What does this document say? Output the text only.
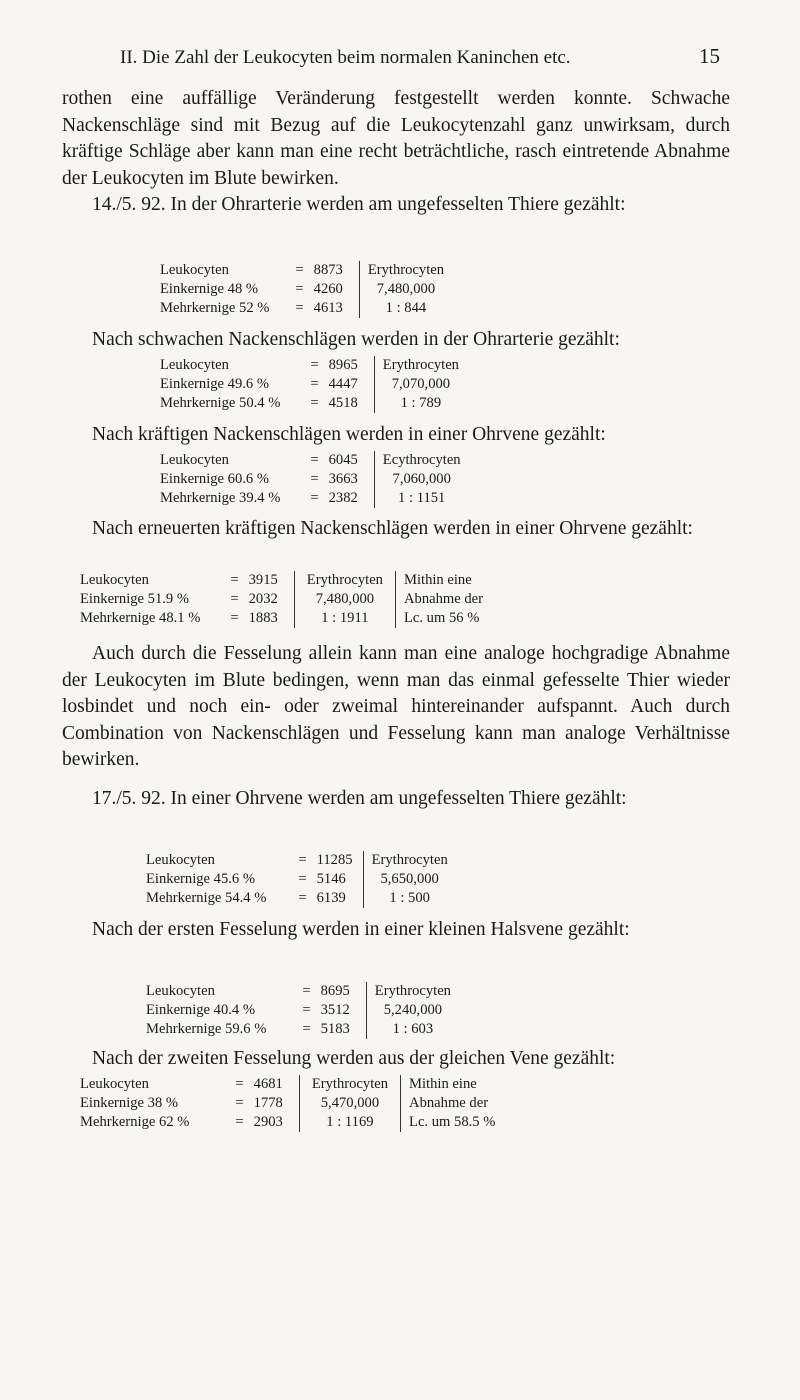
II. Die Zahl der Leukocyten beim normalen Kaninchen etc.	15
rothen eine auffällige Veränderung festgestellt werden konnte. Schwache Nackenschläge sind mit Bezug auf die Leukocytenzahl ganz unwirksam, durch kräftige Schläge aber kann man eine recht beträchtliche, rasch eintretende Abnahme der Leukocyten im Blute bewirken.
14./5. 92. In der Ohrarterie werden am ungefesselten Thiere gezählt:
Leukocyten
Einkernige 48 %
Mehrkernige 52 %
=
=
=
8873
4260
4613
Erythrocyten
7,480,000
1 : 844
Nach schwachen Nackenschlägen werden in der Ohrarterie gezählt:
Leukocyten
Einkernige 49.6 %
Mehrkernige 50.4 %
=
=
=
8965
4447
4518
Erythrocyten
7,070,000
1 : 789
Nach kräftigen Nackenschlägen werden in einer Ohrvene gezählt:
Leukocyten
Einkernige 60.6 %
Mehrkernige 39.4 %
=
=
=
6045
3663
2382
Ecythrocyten
7,060,000
1 : 1151
Nach erneuerten kräftigen Nackenschlägen werden in einer Ohrvene gezählt:
Leukocyten
Einkernige 51.9 %
Mehrkernige 48.1 %
=
=
=
3915
2032
1883
Erythrocyten
7,480,000
1 : 1911
Mithin eine
Abnahme der
Lc. um 56 %
Auch durch die Fesselung allein kann man eine analoge hochgradige Abnahme der Leukocyten im Blute bedingen, wenn man das einmal gefesselte Thier wieder losbindet und noch ein- oder zweimal hintereinander aufspannt. Auch durch Combination von Nackenschlägen und Fesselung kann man analoge Verhältnisse bewirken.
17./5. 92. In einer Ohrvene werden am ungefesselten Thiere gezählt:
Leukocyten
Einkernige 45.6 %
Mehrkernige 54.4 %
=
=
=
11285
5146
6139
Erythrocyten
5,650,000
1 : 500
Nach der ersten Fesselung werden in einer kleinen Halsvene gezählt:
Leukocyten
Einkernige 40.4 %
Mehrkernige 59.6 %
=
=
=
8695
3512
5183
Erythrocyten
5,240,000
1 : 603
Nach der zweiten Fesselung werden aus der gleichen Vene gezählt:
Leukocyten
Einkernige 38 %
Mehrkernige 62 %
=
=
=
4681
1778
2903
Erythrocyten
5,470,000
1 : 1169
Mithin eine
Abnahme der
Lc. um 58.5 %
